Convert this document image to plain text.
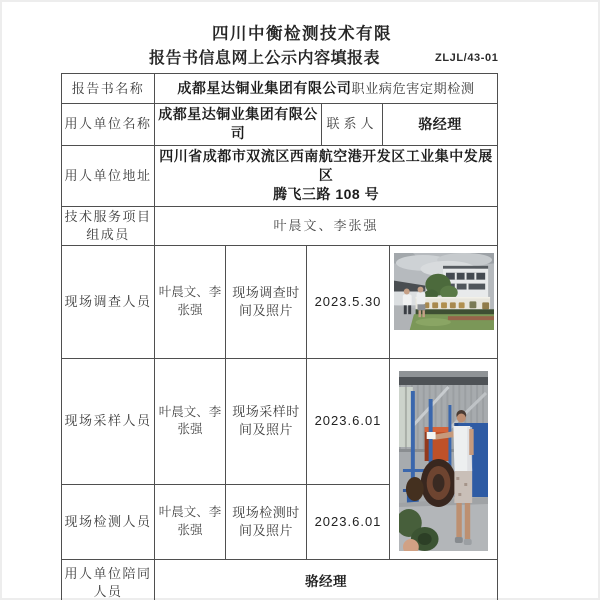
四川中衡检测技术有限
报告书信息网上公示内容填报表	ZLJL/43-01
报告书名称	成都星达铜业集团有限公司职业病危害定期检测					
用人单位名称	成都星达铜业集团有限公司			联系人	骆经理	
用人单位地址	四川省成都市双流区西南航空港开发区工业集中发展区
腾飞三路 108 号					

技术服务项目组成员	叶晨文、李张强					
现场调查人员	叶晨文、李张强	现场调查时间及照片	2023.5.30	

现场采样人员	叶晨文、李张强	现场采样时间及照片	2023.6.01	

现场检测人员	叶晨文、李张强	现场检测时间及照片	2023.6.01			
用人单位陪同人员	骆经理					
